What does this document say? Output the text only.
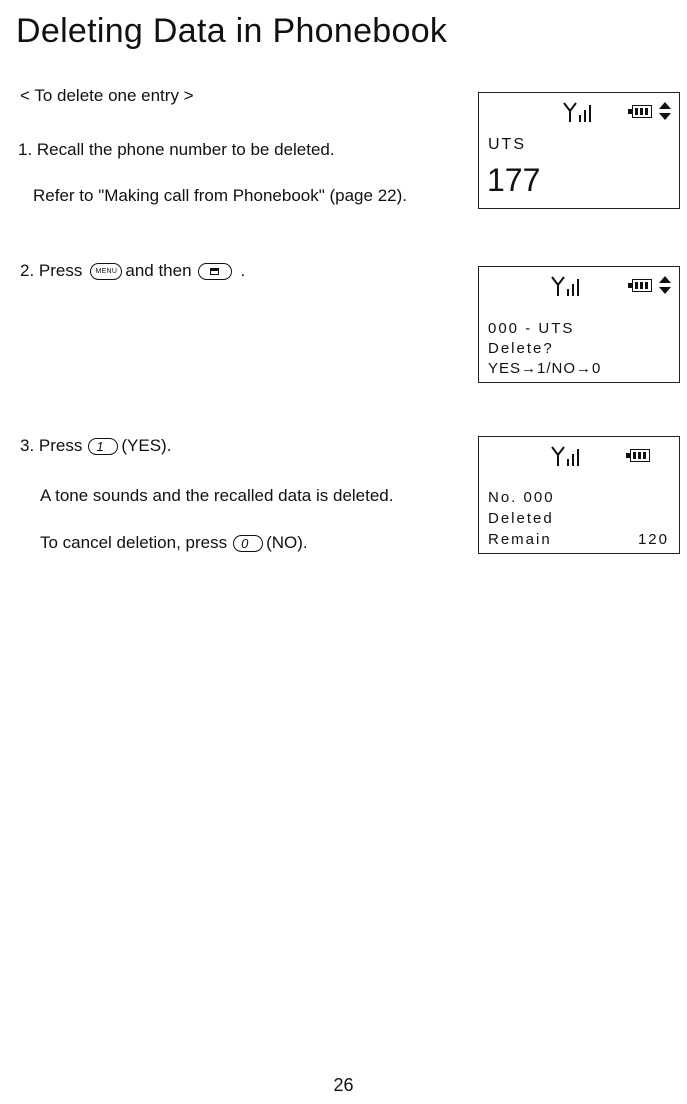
Deleting Data in Phonebook
< To delete one entry >
1. Recall the phone number to be deleted.
Refer to "Making call from Phonebook" (page 22).
2. Press MENU and then	.
3. Press 1 (YES).
A tone sounds and the recalled data is deleted.
To cancel deletion, press 0 (NO).
UTS
177
000 - UTS
Delete?
YES→1/NO→0
No. 000
Deleted
Remain	120
26
